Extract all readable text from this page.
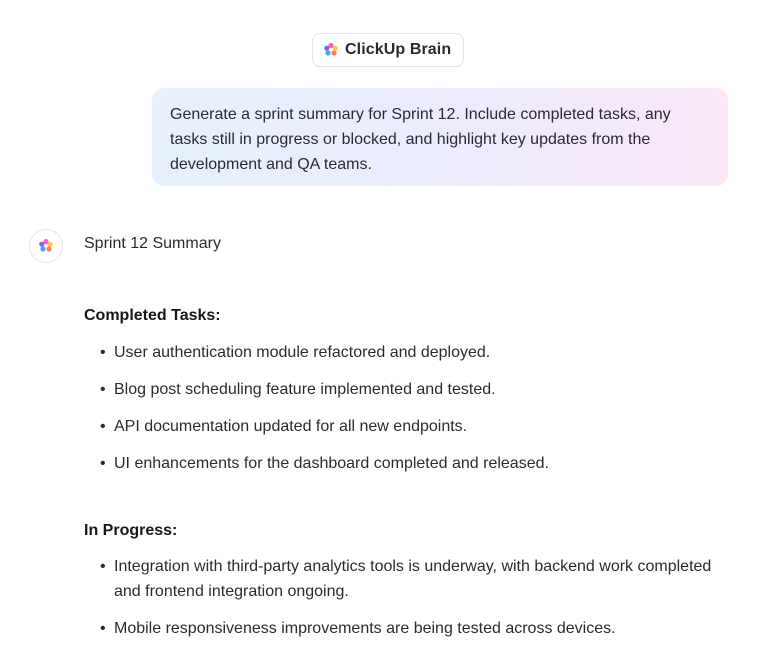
ClickUp Brain
Generate a sprint summary for Sprint 12. Include completed tasks, any tasks still in progress or blocked, and highlight key updates from the development and QA teams.
Sprint 12 Summary
Completed Tasks:
• User authentication module refactored and deployed.
• Blog post scheduling feature implemented and tested.
• API documentation updated for all new endpoints.
• UI enhancements for the dashboard completed and released.
In Progress:
• Integration with third-party analytics tools is underway, with backend work completed and frontend integration ongoing.
• Mobile responsiveness improvements are being tested across devices.
